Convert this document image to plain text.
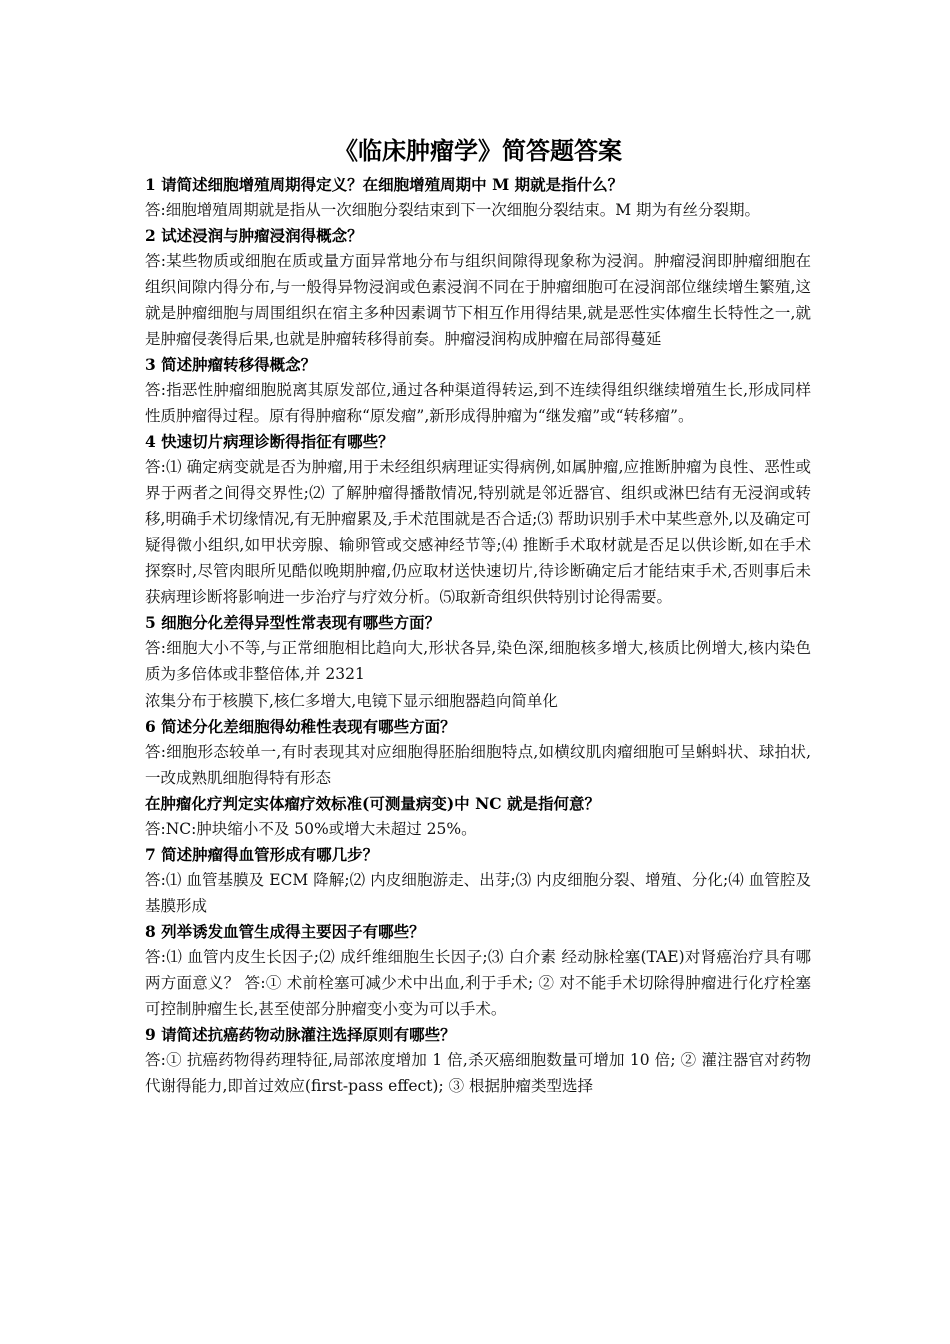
《临床肿瘤学》简答题答案

1 请简述细胞增殖周期得定义？在细胞增殖周期中 M 期就是指什么？

答:细胞增殖周期就是指从一次细胞分裂结束到下一次细胞分裂结束。M 期为有丝分裂期。

2 试述浸润与肿瘤浸润得概念？

答:某些物质或细胞在质或量方面异常地分布与组织间隙得现象称为浸润。肿瘤浸润即肿瘤细胞在组织间隙内得分布,与一般得异物浸润或色素浸润不同在于肿瘤细胞可在浸润部位继续增生繁殖,这就是肿瘤细胞与周围组织在宿主多种因素调节下相互作用得结果,就是恶性实体瘤生长特性之一,就是肿瘤侵袭得后果,也就是肿瘤转移得前奏。肿瘤浸润构成肿瘤在局部得蔓延

3 简述肿瘤转移得概念？

答:指恶性肿瘤细胞脱离其原发部位,通过各种渠道得转运,到不连续得组织继续增殖生长,形成同样性质肿瘤得过程。原有得肿瘤称“原发瘤”,新形成得肿瘤为“继发瘤”或“转移瘤”。

4 快速切片病理诊断得指征有哪些？

答:⑴ 确定病变就是否为肿瘤,用于未经组织病理证实得病例,如属肿瘤,应推断肿瘤为良性、恶性或界于两者之间得交界性;⑵ 了解肿瘤得播散情况,特别就是邻近器官、组织或淋巴结有无浸润或转移,明确手术切缘情况,有无肿瘤累及,手术范围就是否合适;⑶ 帮助识别手术中某些意外,以及确定可疑得微小组织,如甲状旁腺、输卵管或交感神经节等;⑷ 推断手术取材就是否足以供诊断,如在手术探察时,尽管肉眼所见酷似晚期肿瘤,仍应取材送快速切片,待诊断确定后才能结束手术,否则事后未获病理诊断将影响进一步治疗与疗效分析。⑸取新奇组织供特别讨论得需要。

5 细胞分化差得异型性常表现有哪些方面？

答:细胞大小不等,与正常细胞相比趋向大,形状各异,染色深,细胞核多增大,核质比例增大,核内染色质为多倍体或非整倍体,并 2321

浓集分布于核膜下,核仁多增大,电镜下显示细胞器趋向简单化

6 简述分化差细胞得幼稚性表现有哪些方面？

答:细胞形态较单一,有时表现其对应细胞得胚胎细胞特点,如横纹肌肉瘤细胞可呈蝌蚪状、球拍状,一改成熟肌细胞得特有形态

在肿瘤化疗判定实体瘤疗效标准(可测量病变)中 NC 就是指何意？

答:NC:肿块缩小不及 50%或增大未超过 25%。

7 简述肿瘤得血管形成有哪几步？

答:⑴ 血管基膜及 ECM 降解;⑵ 内皮细胞游走、出芽;⑶ 内皮细胞分裂、增殖、分化;⑷ 血管腔及基膜形成

8 列举诱发血管生成得主要因子有哪些？

答:⑴ 血管内皮生长因子;⑵ 成纤维细胞生长因子;⑶ 白介素 经动脉栓塞(TAE)对肾癌治疗具有哪两方面意义？ 答:① 术前栓塞可减少术中出血,利于手术; ② 对不能手术切除得肿瘤进行化疗栓塞可控制肿瘤生长,甚至使部分肿瘤变小变为可以手术。

9 请简述抗癌药物动脉灌注选择原则有哪些？

答:① 抗癌药物得药理特征,局部浓度增加 1 倍,杀灭癌细胞数量可增加 10 倍; ② 灌注器官对药物代谢得能力,即首过效应(first-pass effect); ③ 根据肿瘤类型选择
